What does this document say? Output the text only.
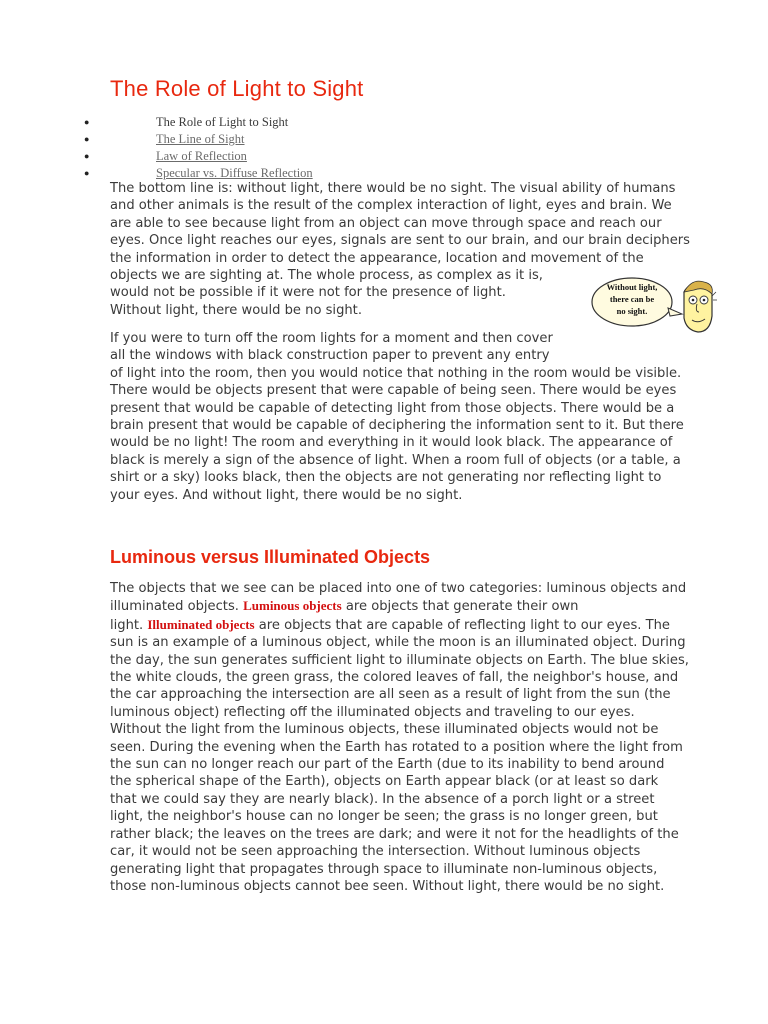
The Role of Light to Sight
●	The Role of Light to Sight
●	The Line of Sight
●	Law of Reflection
●	Specular vs. Diffuse Reflection

The bottom line is: without light, there would be no sight. The visual ability of humans
and other animals is the result of the complex interaction of light, eyes and brain. We
are able to see because light from an object can move through space and reach our
eyes. Once light reaches our eyes, signals are sent to our brain, and our brain deciphers
the information in order to detect the appearance, location and movement of the
objects we are sighting at. The whole process, as complex as it is,
would not be possible if it were not for the presence of light.
Without light, there would be no sight.

Without light,
there can be
no sight.

If you were to turn off the room lights for a moment and then cover
all the windows with black construction paper to prevent any entry
of light into the room, then you would notice that nothing in the room would be visible.
There would be objects present that were capable of being seen. There would be eyes
present that would be capable of detecting light from those objects. There would be a
brain present that would be capable of deciphering the information sent to it. But there
would be no light! The room and everything in it would look black. The appearance of
black is merely a sign of the absence of light. When a room full of objects (or a table, a
shirt or a sky) looks black, then the objects are not generating nor reflecting light to
your eyes. And without light, there would be no sight.

Luminous versus Illuminated Objects

The objects that we see can be placed into one of two categories: luminous objects and
illuminated objects. Luminous objects are objects that generate their own
light. Illuminated objects are objects that are capable of reflecting light to our eyes. The
sun is an example of a luminous object, while the moon is an illuminated object. During
the day, the sun generates sufficient light to illuminate objects on Earth. The blue skies,
the white clouds, the green grass, the colored leaves of fall, the neighbor's house, and
the car approaching the intersection are all seen as a result of light from the sun (the
luminous object) reflecting off the illuminated objects and traveling to our eyes.
Without the light from the luminous objects, these illuminated objects would not be
seen. During the evening when the Earth has rotated to a position where the light from
the sun can no longer reach our part of the Earth (due to its inability to bend around
the spherical shape of the Earth), objects on Earth appear black (or at least so dark
that we could say they are nearly black). In the absence of a porch light or a street
light, the neighbor's house can no longer be seen; the grass is no longer green, but
rather black; the leaves on the trees are dark; and were it not for the headlights of the
car, it would not be seen approaching the intersection. Without luminous objects
generating light that propagates through space to illuminate non-luminous objects,
those non-luminous objects cannot bee seen. Without light, there would be no sight.
